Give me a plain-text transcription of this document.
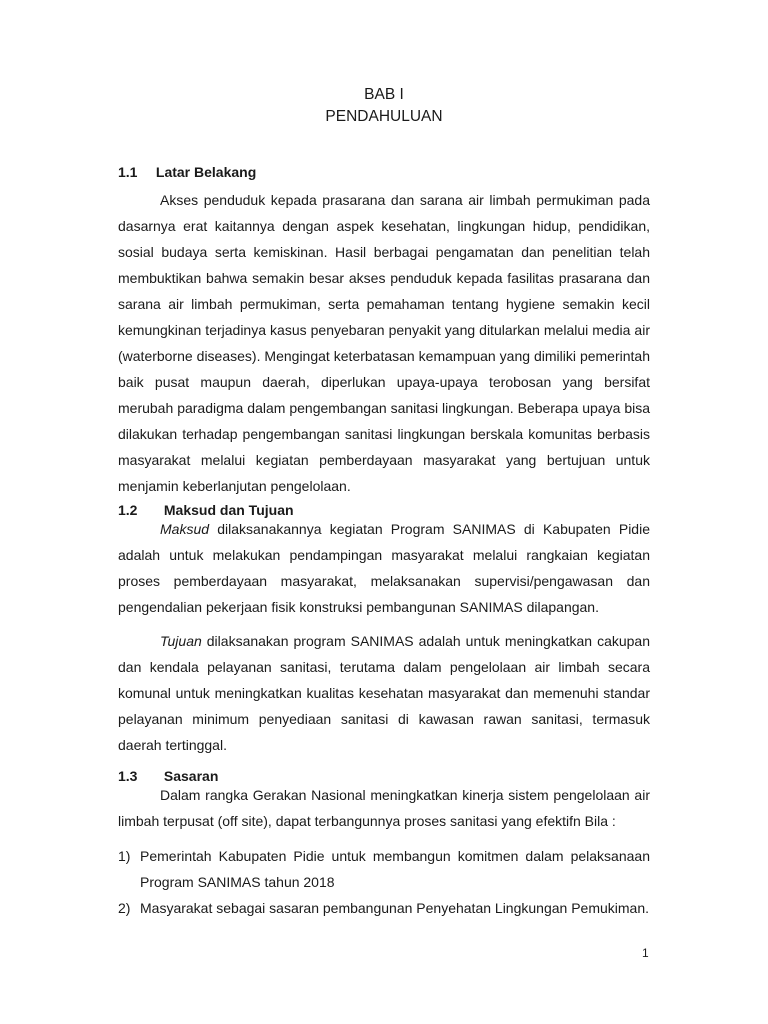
BAB I
PENDAHULUAN
1.1 Latar Belakang

Akses penduduk kepada prasarana dan sarana air limbah permukiman pada dasarnya erat kaitannya dengan aspek kesehatan, lingkungan hidup, pendidikan, sosial budaya serta kemiskinan. Hasil berbagai pengamatan dan penelitian telah membuktikan bahwa semakin besar akses penduduk kepada fasilitas prasarana dan sarana air limbah permukiman, serta pemahaman tentang hygiene semakin kecil kemungkinan terjadinya kasus penyebaran penyakit yang ditularkan melalui media air (waterborne diseases). Mengingat keterbatasan kemampuan yang dimiliki pemerintah baik pusat maupun daerah, diperlukan upaya-upaya terobosan yang bersifat merubah paradigma dalam pengembangan sanitasi lingkungan. Beberapa upaya bisa dilakukan terhadap pengembangan sanitasi lingkungan berskala komunitas berbasis masyarakat melalui kegiatan pemberdayaan masyarakat yang bertujuan untuk menjamin keberlanjutan pengelolaan.

1.2 Maksud dan Tujuan

Maksud dilaksanakannya kegiatan Program SANIMAS di Kabupaten Pidie adalah untuk melakukan pendampingan masyarakat melalui rangkaian kegiatan proses pemberdayaan masyarakat, melaksanakan supervisi/pengawasan dan pengendalian pekerjaan fisik konstruksi pembangunan SANIMAS dilapangan.

Tujuan dilaksanakan program SANIMAS adalah untuk meningkatkan cakupan dan kendala pelayanan sanitasi, terutama dalam pengelolaan air limbah secara komunal untuk meningkatkan kualitas kesehatan masyarakat dan memenuhi standar pelayanan minimum penyediaan sanitasi di kawasan rawan sanitasi, termasuk daerah tertinggal.

1.3 Sasaran

Dalam rangka Gerakan Nasional meningkatkan kinerja sistem pengelolaan air limbah terpusat (off site), dapat terbangunnya proses sanitasi yang efektifn Bila :

1) Pemerintah Kabupaten Pidie untuk membangun komitmen dalam pelaksanaan Program SANIMAS tahun 2018
2) Masyarakat sebagai sasaran pembangunan Penyehatan Lingkungan Pemukiman.
1
